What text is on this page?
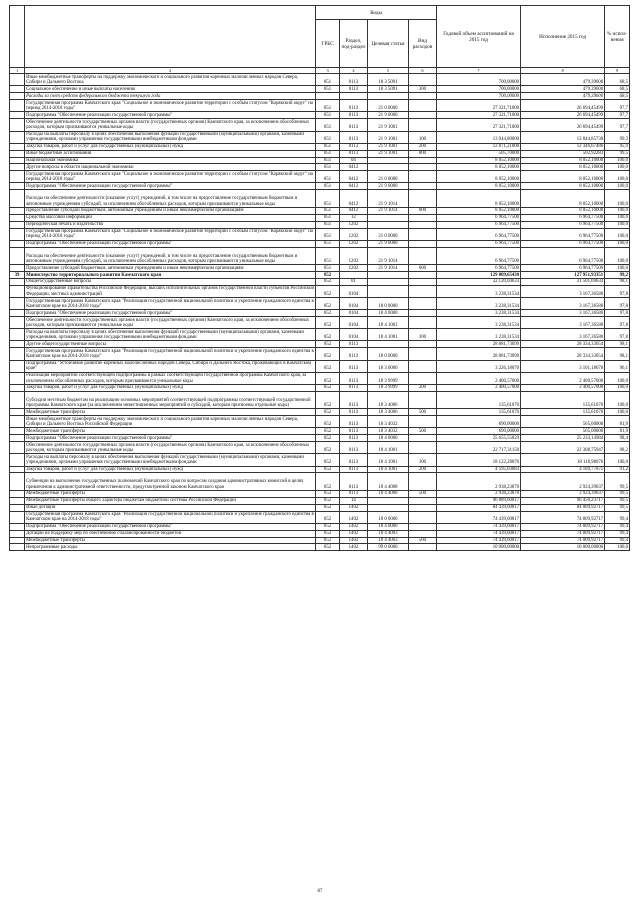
		Коды				Годовой объем ассигнований на 2015 год	Исполнение 2015 год	% испол-нения
		ГРБС	Раздел, под-раздел	Целевая статья	Вид расходов			
1	2	3	4	5	6	7	8	9
	Иные межбюджетные трансферты на поддержку экономического и социального развития коренных малочисленных народов Севера, Сибири и Дальнего Востока	851	0113	18 3 5091		700,00000	479,39600	68,5
	Социальное обеспечение и иные выплаты населению	851	0113	18 3 5091	300	700,00000	479,39600	68,5
	Расходы за счет средств федерального бюджета текущего года					700,00000	479,39600	68,5
	Государственная программа Камчатского края "Социальное и экономическое развитие территории с особым статусом "Корякский округ" на период 2014-2018 годы"	851	0113	21 0 0000		27 321,71000	26 694,45499	97,7
	Подпрограмма "Обеспечение реализации государственной программы"	851	0113	21 9 0000		27 321,71000	26 694,45499	97,7
	Обеспечение деятельности государственных органов власти (государственных органов) Камчатского края, за исключением обособленных расходов, которым присваиваются уникальные коды	851	0113	21 9 1001		27 321,71000	26 694,45499	97,7
	Расходы на выплаты персоналу в целях обеспечения выполнения функций государственными (муниципальными) органами, казенными учреждениями, органами управления государственными внебюджетными фондами	851	0113	21 9 1001	100	13 944,80000	13 844,85730	99,3
	Закупка товаров, работ и услуг для государственных (муниципальных) нужд	851	0113	21 9 1001	200	12 871,21000	12 346,67486	95,9
	Иные бюджетные ассигнования	851	0113	21 9 1001	800	505,70000	502,92283	99,5
	Национальная экономика	851	04			8 052,10000	8 052,10000	100,0
	Другие вопросы в области национальной экономики	851	0412			8 052,10000	8 052,10000	100,0
	Государственная программа Камчатского края "Социальное и экономическое развитие территории с особым статусом "Корякский округ" на период 2014-2018 годы"	851	0412	21 0 0000		8 052,10000	8 052,10000	100,0
	Подпрограмма "Обеспечение реализации государственной программы"	851	0412	21 9 0000		8 052,10000	8 052,10000	100,0
	Расходы на обеспечение деятельности (оказание услуг) учреждений, в том числе на предоставление государственным бюджетным и автономным учреждениям субсидий, за исключением обособленных расходов, которым присваиваются уникальные коды	851	0412	21 9 1014		8 052,10000	8 052,10000	100,0
	Предоставление субсидий бюджетным, автономным учреждениям и иным некоммерческим организациям	851	0412	21 9 1014	600	8 052,10000	8 052,10000	100,0
	Средства массовой информации	851	12			6 964,77500	6 964,77500	100,0
	Периодическая печать и издательства	851	1202			6 964,77500	6 964,77500	100,0
	Государственная программа Камчатского края "Социальное и экономическое развитие территории с особым статусом "Корякский округ" на период 2014-2018 годы"	851	1202	21 0 0000		6 964,77500	6 964,77500	100,0
	Подпрограмма "Обеспечение реализации государственной программы"	851	1202	21 9 0000		6 964,77500	6 964,77500	100,0
	Расходы на обеспечение деятельности (оказание услуг) учреждений, в том числе на предоставление государственным бюджетным и автономным учреждениям субсидий, за исключением обособленных расходов, которым присваиваются уникальные коды	851	1202	21 9 1014		6 964,77500	6 964,77500	100,0
	Предоставление субсидий бюджетным, автономным учреждениям и иным некоммерческим организациям	851	1202	21 9 1014	600	6 964,77500	6 964,77500	100,0
39	Министерство территориального развития Камчатского края	852				129 009,65430	127 951,93351	99,2
	Общегосударственные вопросы	852	01			32 120,04633	31 501,69634	98,1
	Функционирование Правительства Российской Федерации, высших исполнительных органов государственной власти субъектов Российской Федерации, местных администраций	852	0104			3 238,31534	3 167,36580	97,8
	Государственная программа Камчатского края "Реализация государственной национальной политики и укрепление гражданского единства в Камчатском крае на 2014-2018 годы"	852	0104	18 0 0000		3 238,31534	3 167,36580	97,8
	Подпрограмма "Обеспечение реализации государственной программы"	852	0104	18 4 0000		3 238,31534	3 167,36580	97,8
	Обеспечение деятельности государственных органов власти (государственных органов) Камчатского края, за исключением обособленных расходов, которым присваиваются уникальные коды	852	0104	18 4 1001		3 238,31534	3 167,36580	97,8
	Расходы на выплаты персоналу в целях обеспечения выполнения функций государственными (муниципальными) органами, казенными учреждениями, органами управления государственными внебюджетными фондами	852	0104	18 4 1001	100	3 238,31534	3 167,36580	97,8
	Другие общегосударственные вопросы	852	0113			28 881,73099	28 334,33054	98,1
	Государственная программа Камчатского края "Реализация государственной национальной политики и укрепление гражданского единства в Камчатском крае на 2014-2018 годы"	852	0113	18 0 0000		28 881,73099	28 334,33054	98,1
	Подпрограмма "Устойчивое развитие коренных малочисленных народов Севера, Сибири и Дальнего Востока, проживающих в Камчатском крае"	852	0113	18 3 0000		3 226,18070	3 101,18070	96,1
	Реализация мероприятий соответствующей подпрограммы в рамках соответствующей государственной программы Камчатского края, за исключением обособленных расходов, которым присваиваются уникальные коды	852	0113	18 3 9999		2 400,57000	2 400,57000	100,0
	Закупка товаров, работ и услуг для государственных (муниципальных) нужд	852	0113	18 3 9999	200	2 400,57000	2 400,57000	100,0
	Субсидии местным бюджетам на реализацию основных мероприятий соответствующей подпрограммы соответствующей государственной программы Камчатского края (за исключением инвестиционных мероприятий и субсидий, которым присвоены отдельные коды)	852	0113	18 3 4006		135,61070	135,61070	100,0
	Межбюджетные трансферты	852	0113	18 3 4006	500	135,61070	135,61070	100,0
	Иные межбюджетные трансферты на поддержку экономического и социального развития коренных малочисленных народов Севера, Сибири и Дальнего Востока Российской Федерации	852	0113	18 3 4032		690,00000	565,00000	81,9
	Межбюджетные трансферты	852	0113	18 3 4032	500	690,00000	565,00000	81,9
	Подпрограмма "Обеспечение реализации государственной программы"	852	0113	18 4 0000		25 655,55029	25 233,14984	98,4
	Обеспечение деятельности государственных органов власти (государственных органов) Камчатского края, за исключением обособленных расходов, которым присваиваются уникальные коды	852	0113	18 4 1001		22 717,31150	22 308,75947	98,2
	Расходы на выплаты персоналу в целях обеспечения выполнения функций государственными (муниципальными) органами, казенными учреждениями, органами управления государственными внебюджетными фондами	852	0113	18 4 1001	100	18 122,28076	18 118,98076	100,0
	Закупка товаров, работ и услуг для государственных (муниципальных) нужд	852	0113	18 4 1001	200	4 595,03083	4 189,77871	91,2
	Субвенции на выполнение государственных полномочий Камчатского края по вопросам создания административных комиссий в целях привлечения к административной ответственности, предусмотренной законом Камчатского края	852	0113	18 4 4008		2 938,23870	2 924,39037	99,5
	Межбюджетные трансферты	852	0113	18 4 4008	500	2 938,23870	2 924,39037	99,5
	Межбюджетные трансферты общего характера бюджетам бюджетной системы Российской Федерации	852	14			96 889,60817	96 450,23717	99,5
	Иные дотации	852	1402			84 439,60817	84 009,92717	99,5
	Государственная программа Камчатского края "Реализация государственной национальной политики и укрепление гражданского единства в Камчатском крае на 2014-2018 годы"	852	1402	18 0 0000		74 439,60817	74 009,92717	99,4
	Подпрограмма "Обеспечение реализации государственной программы"	852	1402	18 4 0000		74 439,60817	74 009,92717	99,4
	Дотации на поддержку мер по обеспечению сбалансированности бюджетов	852	1402	18 4 4003		74 439,60817	74 009,92717	99,4
	Межбюджетные трансферты	852	1402	18 4 4003	500	74 439,60817	74 009,92717	99,4
	Непрограммные расходы	852	1402	99 0 0000		10 000,00000	10 000,00000	100,0
87
